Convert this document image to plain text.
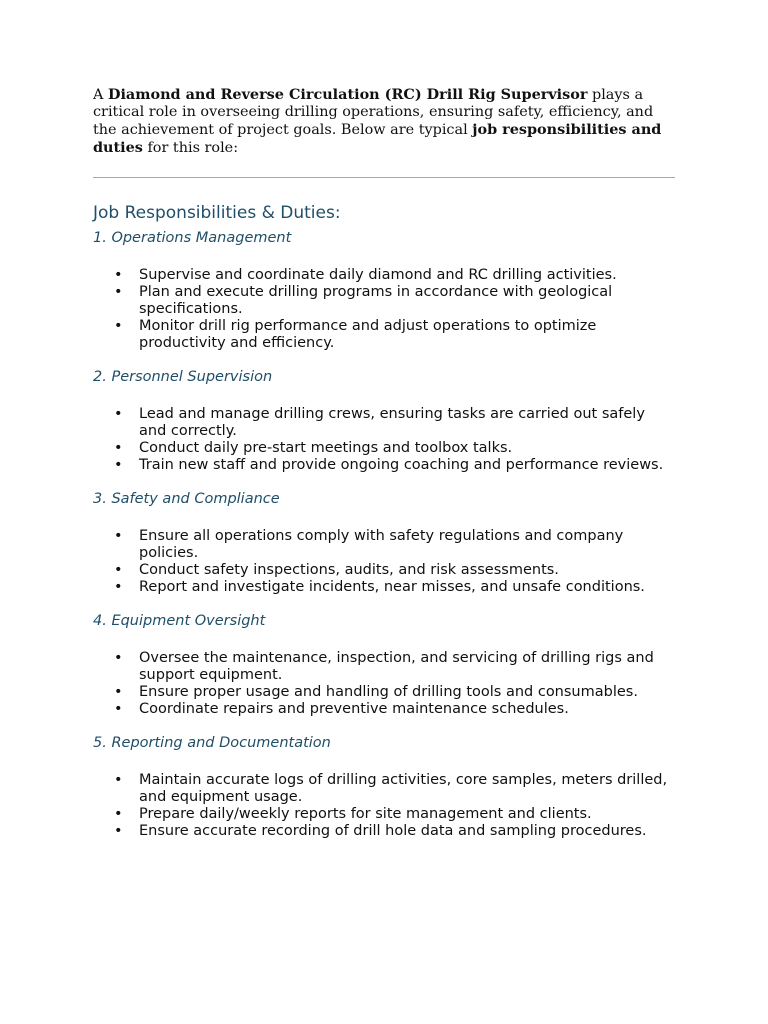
A Diamond and Reverse Circulation (RC) Drill Rig Supervisor plays a critical role in overseeing drilling operations, ensuring safety, efficiency, and the achievement of project goals. Below are typical job responsibilities and duties for this role:

Job Responsibilities & Duties:
1. Operations Management
• Supervise and coordinate daily diamond and RC drilling activities.
• Plan and execute drilling programs in accordance with geological specifications.
• Monitor drill rig performance and adjust operations to optimize productivity and efficiency.
2. Personnel Supervision
• Lead and manage drilling crews, ensuring tasks are carried out safely and correctly.
• Conduct daily pre-start meetings and toolbox talks.
• Train new staff and provide ongoing coaching and performance reviews.
3. Safety and Compliance
• Ensure all operations comply with safety regulations and company policies.
• Conduct safety inspections, audits, and risk assessments.
• Report and investigate incidents, near misses, and unsafe conditions.
4. Equipment Oversight
• Oversee the maintenance, inspection, and servicing of drilling rigs and support equipment.
• Ensure proper usage and handling of drilling tools and consumables.
• Coordinate repairs and preventive maintenance schedules.
5. Reporting and Documentation
• Maintain accurate logs of drilling activities, core samples, meters drilled, and equipment usage.
• Prepare daily/weekly reports for site management and clients.
• Ensure accurate recording of drill hole data and sampling procedures.
